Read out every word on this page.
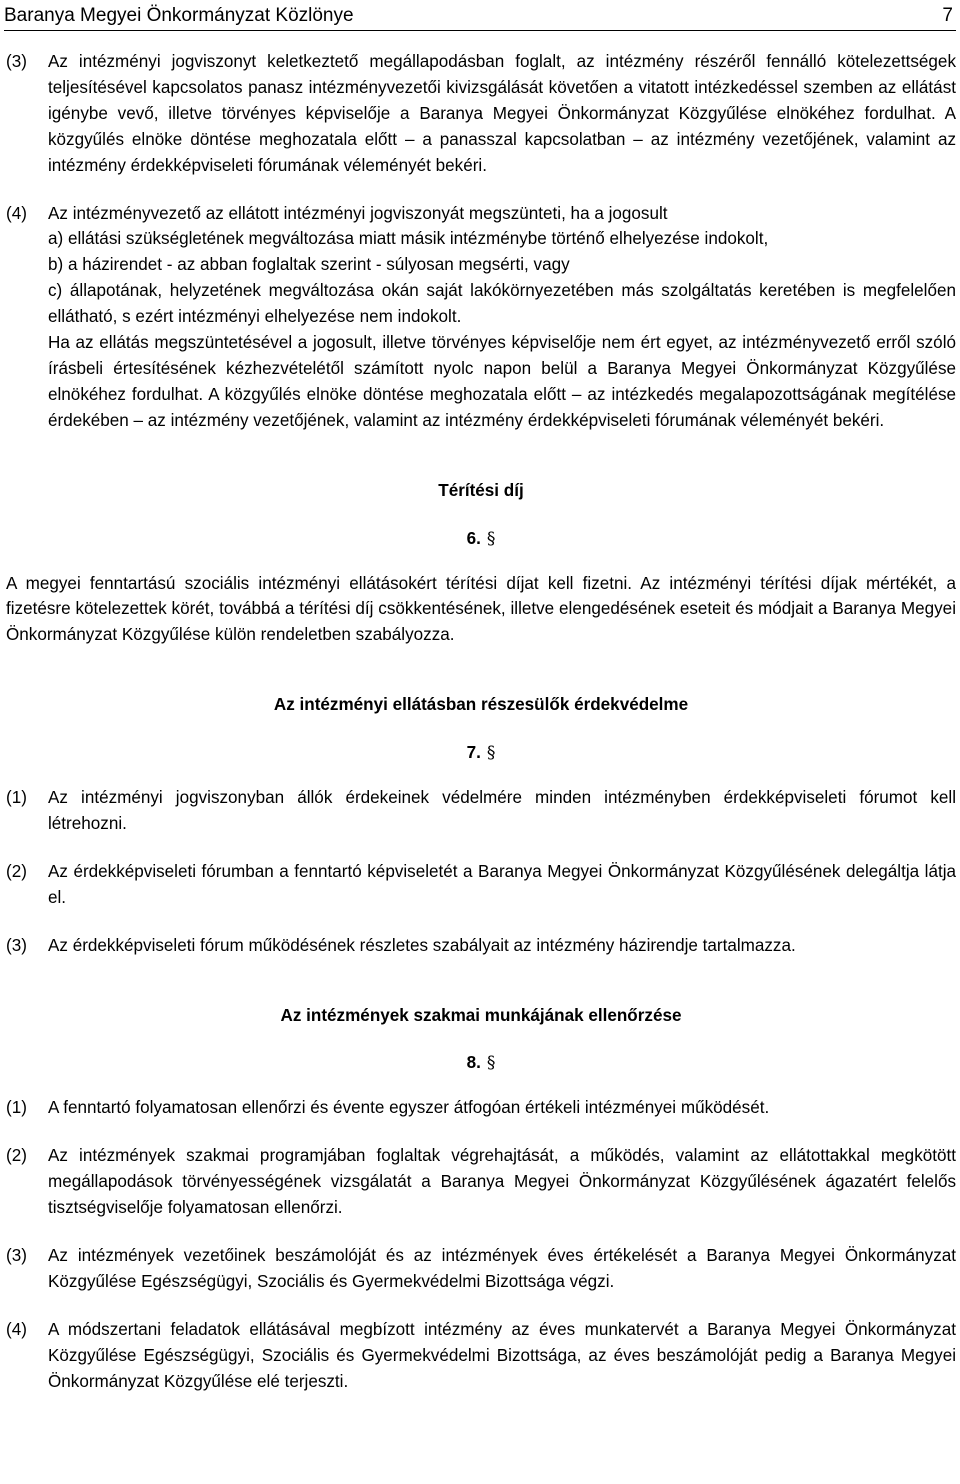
Baranya Megyei Önkormányzat Közlönye	7
(3)	Az intézményi jogviszonyt keletkeztető megállapodásban foglalt, az intézmény részéről fennálló kötelezettségek teljesítésével kapcsolatos panasz intézményvezetői kivizsgálását követően a vitatott intézkedéssel szemben az ellátást igénybe vevő, illetve törvényes képviselője a Baranya Megyei Önkormányzat Közgyűlése elnökéhez fordulhat. A közgyűlés elnöke döntése meghozatala előtt – a panasszal kapcsolatban – az intézmény vezetőjének, valamint az intézmény érdekképviseleti fórumának véleményét bekéri.

(4)	Az intézményvezető az ellátott intézményi jogviszonyát megszünteti, ha a jogosult

a) ellátási szükségletének megváltozása miatt másik intézménybe történő elhelyezése indokolt,

b) a házirendet - az abban foglaltak szerint - súlyosan megsérti, vagy

c) állapotának, helyzetének megváltozása okán saját lakókörnyezetében más szolgáltatás keretében is megfelelően ellátható, s ezért intézményi elhelyezése nem indokolt.

Ha az ellátás megszüntetésével a jogosult, illetve törvényes képviselője nem ért egyet, az intézményvezető erről szóló írásbeli értesítésének kézhezvételétől számított nyolc napon belül a Baranya Megyei Önkormányzat Közgyűlése elnökéhez fordulhat. A közgyűlés elnöke döntése meghozatala előtt – az intézkedés megalapozottságának megítélése érdekében – az intézmény vezetőjének, valamint az intézmény érdekképviseleti fórumának véleményét bekéri.

Térítési díj

6. §

A megyei fenntartású szociális intézményi ellátásokért térítési díjat kell fizetni. Az intézményi térítési díjak mértékét, a fizetésre kötelezettek körét, továbbá a térítési díj csökkentésének, illetve elengedésének eseteit és módjait a Baranya Megyei Önkormányzat Közgyűlése külön rendeletben szabályozza.

Az intézményi ellátásban részesülők érdekvédelme

7. §

(1)	Az intézményi jogviszonyban állók érdekeinek védelmére minden intézményben érdekképviseleti fórumot kell létrehozni.

(2)	Az érdekképviseleti fórumban a fenntartó képviseletét a Baranya Megyei Önkormányzat Közgyűlésének delegáltja látja el.

(3)	Az érdekképviseleti fórum működésének részletes szabályait az intézmény házirendje tartalmazza.

Az intézmények szakmai munkájának ellenőrzése

8. §

(1)	A fenntartó folyamatosan ellenőrzi és évente egyszer átfogóan értékeli intézményei működését.

(2)	Az intézmények szakmai programjában foglaltak végrehajtását, a működés, valamint az ellátottakkal megkötött megállapodások törvényességének vizsgálatát a Baranya Megyei Önkormányzat Közgyűlésének ágazatért felelős tisztségviselője folyamatosan ellenőrzi.

(3)	Az intézmények vezetőinek beszámolóját és az intézmények éves értékelését a Baranya Megyei Önkormányzat Közgyűlése Egészségügyi, Szociális és Gyermekvédelmi Bizottsága végzi.

(4)	A módszertani feladatok ellátásával megbízott intézmény az éves munkatervét a Baranya Megyei Önkormányzat Közgyűlése Egészségügyi, Szociális és Gyermekvédelmi Bizottsága, az éves beszámolóját pedig a Baranya Megyei Önkormányzat Közgyűlése elé terjeszti.
